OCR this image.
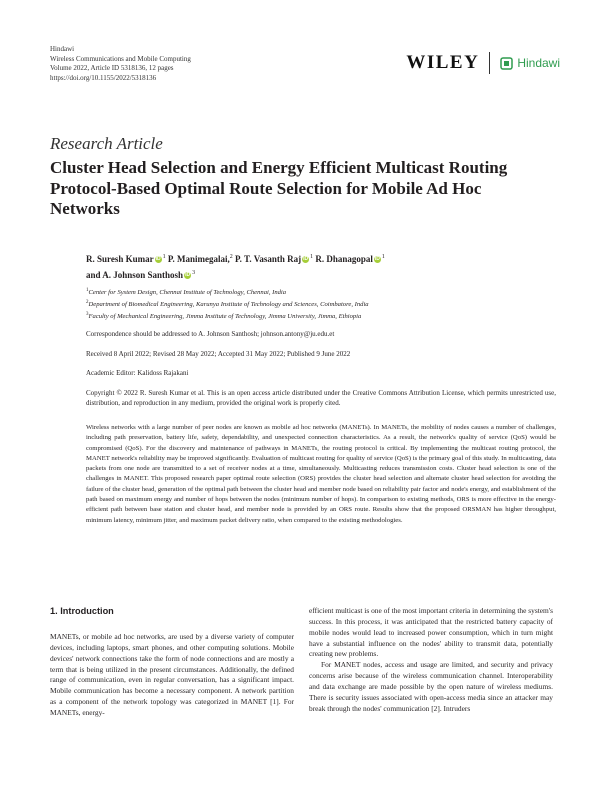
Hindawi
Wireless Communications and Mobile Computing
Volume 2022, Article ID 5318136, 12 pages
https://doi.org/10.1155/2022/5318136
WILEY	Hindawi
Research Article
Cluster Head Selection and Energy Efficient Multicast Routing Protocol-Based Optimal Route Selection for Mobile Ad Hoc Networks
R. Suresh Kumar iD $^1$ P. Manimegalai,$^2$ P. T. Vasanth Raj iD $^1$ R. Dhanagopal iD $^1$
and A. Johnson Santhosh iD $^3$
$^1$Center for System Design, Chennai Institute of Technology, Chennai, India
$^2$Department of Biomedical Engineering, Karunya Institute of Technology and Sciences, Coimbatore, India
$^3$Faculty of Mechanical Engineering, Jimma Institute of Technology, Jimma University, Jimma, Ethiopia
Correspondence should be addressed to A. Johnson Santhosh; johnson.antony@ju.edu.et
Received 8 April 2022; Revised 28 May 2022; Accepted 31 May 2022; Published 9 June 2022
Academic Editor: Kalidoss Rajakani
Copyright © 2022 R. Suresh Kumar et al. This is an open access article distributed under the Creative Commons Attribution License, which permits unrestricted use, distribution, and reproduction in any medium, provided the original work is properly cited.
Wireless networks with a large number of peer nodes are known as mobile ad hoc networks (MANETs). In MANETs, the mobility of nodes causes a number of challenges, including path preservation, battery life, safety, dependability, and unexpected connection characteristics. As a result, the network's quality of service (QoS) would be compromised (QoS). For the discovery and maintenance of pathways in MANETs, the routing protocol is critical. By implementing the multicast routing protocol, the MANET network's reliability may be improved significantly. Evaluation of multicast routing for quality of service (QoS) is the primary goal of this study. In multicasting, data packets from one node are transmitted to a set of receiver nodes at a time, simultaneously. Multicasting reduces transmission costs. Cluster head selection is one of the challenges in MANET. This proposed research paper optimal route selection (ORS) provides the cluster head selection and alternate cluster head selection for avoiding the failure of the cluster head, generation of the optimal path between the cluster head and member node based on reliability pair factor and node's energy, and establishment of the path based on maximum energy and number of hops between the nodes (minimum number of hops). In comparison to existing methods, ORS is more effective in the energy-efficient path between base station and cluster head, and member node is provided by an ORS route. Results show that the proposed ORSMAN has higher throughput, minimum latency, minimum jitter, and maximum packet delivery ratio, when compared to the existing methodologies.
1. Introduction

MANETs, or mobile ad hoc networks, are used by a diverse variety of computer devices, including laptops, smart phones, and other computing solutions. Mobile devices' network connections take the form of node connections and are mostly a term that is being utilized in the present circumstances. Additionally, the defined range of communication, even in regular conversation, has a significant impact. Mobile communication has become a necessary component. A network partition as a component of the network topology was categorized in MANET [1]. For MANETs, energy-

efficient multicast is one of the most important criteria in determining the system's success. In this process, it was anticipated that the restricted battery capacity of mobile nodes would lead to increased power consumption, which in turn might have a substantial influence on the nodes' ability to transmit data, potentially creating new problems.

For MANET nodes, access and usage are limited, and security and privacy concerns arise because of the wireless communication channel. Interoperability and data exchange are made possible by the open nature of wireless mediums. There is security issues associated with open-access media since an attacker may break through the nodes' communication [2]. Intruders
